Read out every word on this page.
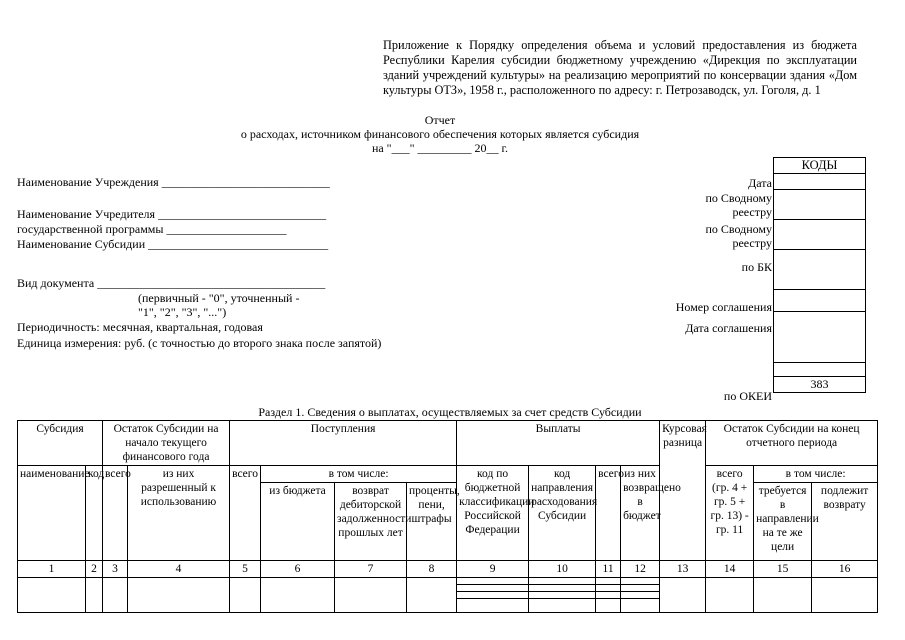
Приложение к Порядку определения объема и условий предоставления из бюджета Республики Карелия субсидии бюджетному учреждению «Дирекция по эксплуатации зданий учреждений культуры» на реализацию мероприятий по консервации здания «Дом культуры ОТЗ», 1958 г., расположенного по адресу: г. Петрозаводск, ул. Гоголя, д. 1
Отчет
о расходах, источником финансового обеспечения которых является субсидия
на "___" _________ 20__ г.
Наименование Учреждения ____________________________
Наименование Учредителя ____________________________
государственной программы ____________________
Наименование Субсидии ______________________________
Вид документа ______________________________________
(первичный - "0", уточненный -
"1", "2", "3", "...")
Периодичность: месячная, квартальная, годовая
Единица измерения: руб. (с точностью до второго знака после запятой)
Дата
по Сводному
реестру
по Сводному
реестру
по БК
Номер соглашения
Дата соглашения
по ОКЕИ
КОДЫ
383
Раздел 1. Сведения о выплатах, осуществляемых за счет средств Субсидии
Субсидия		Остаток Субсидии на начало текущего финансового года		Поступления				Выплаты				Курсовая разница	Остаток Субсидии на конец отчетного периода		
наименование	код	всего	из них разрешенный к использованию	всего	в том числе:			код по бюджетной классификации Российской Федерации	код направления расходования Субсидии	всего	из них возвращено в бюджет		всего (гр. 4 + гр. 5 + гр. 13) - гр. 11	в том числе:	
					из бюджета	возврат дебиторской задолженности прошлых лет	проценты, пени, штрафы							требуется в направлении на те же цели	подлежит возврату
1	2	3	4	5	6	7	8	9	10	11	12	13	14	15	16
